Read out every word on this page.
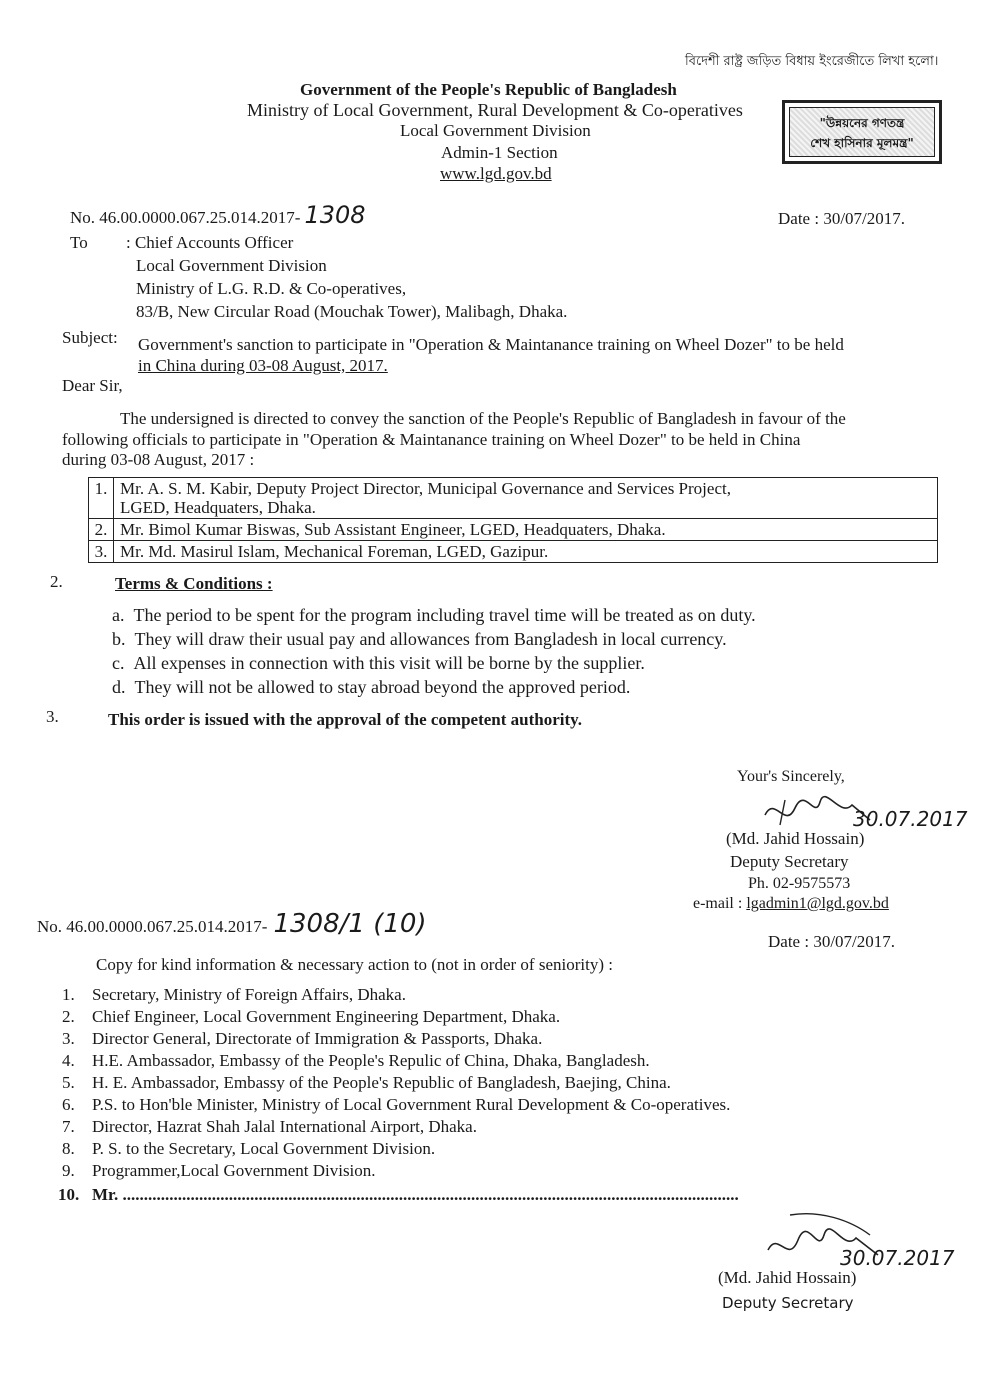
বিদেশী রাষ্ট্র জড়িত বিধায় ইংরেজীতে লিখা হলো।
Government of the People's Republic of Bangladesh
Ministry of Local Government, Rural Development & Co-operatives
Local Government Division
Admin-1 Section
www.lgd.gov.bd
"উন্নয়নের গণতন্ত্র
শেখ হাসিনার মূলমন্ত্র"
No. 46.00.0000.067.25.014.2017- 1308	Date : 30/07/2017.
To : Chief Accounts Officer
Local Government Division
Ministry of L.G. R.D. & Co-operatives,
83/B, New Circular Road (Mouchak Tower), Malibagh, Dhaka.
Subject: Government's sanction to participate in "Operation & Maintanance training on Wheel Dozer" to be held
in China during 03-08 August, 2017.
Dear Sir,
The undersigned is directed to convey the sanction of the People's Republic of Bangladesh in favour of the
following officials to participate in "Operation & Maintanance training on Wheel Dozer" to be held in China
during 03-08 August, 2017 :
1.	Mr. A. S. M. Kabir, Deputy Project Director, Municipal Governance and Services Project,
LGED, Headquaters, Dhaka.
2.	Mr. Bimol Kumar Biswas, Sub Assistant Engineer, LGED, Headquaters, Dhaka.
3.	Mr. Md. Masirul Islam, Mechanical Foreman, LGED, Gazipur.
2.	Terms & Conditions :
a. The period to be spent for the program including travel time will be treated as on duty.
b. They will draw their usual pay and allowances from Bangladesh in local currency.
c. All expenses in connection with this visit will be borne by the supplier.
d. They will not be allowed to stay abroad beyond the approved period.
3.	This order is issued with the approval of the competent authority.
Your's Sincerely,
30.07.2017
(Md. Jahid Hossain)
Deputy Secretary
Ph. 02-9575573
e-mail : lgadmin1@lgd.gov.bd
No. 46.00.0000.067.25.014.2017- 1308/1 (10)
Date : 30/07/2017.
Copy for kind information & necessary action to (not in order of seniority) :
1. Secretary, Ministry of Foreign Affairs, Dhaka.
2. Chief Engineer, Local Government Engineering Department, Dhaka.
3. Director General, Directorate of Immigration & Passports, Dhaka.
4. H.E. Ambassador, Embassy of the People's Repulic of China, Dhaka, Bangladesh.
5. H. E. Ambassador, Embassy of the People's Republic of Bangladesh, Baejing, China.
6. P.S. to Hon'ble Minister, Ministry of Local Government Rural Development & Co-operatives.
7. Director, Hazrat Shah Jalal International Airport, Dhaka.
8. P. S. to the Secretary, Local Government Division.
9. Programmer,Local Government Division.
10. Mr. .................................................................................................................................................
30.07.2017
(Md. Jahid Hossain)
Deputy Secretary
